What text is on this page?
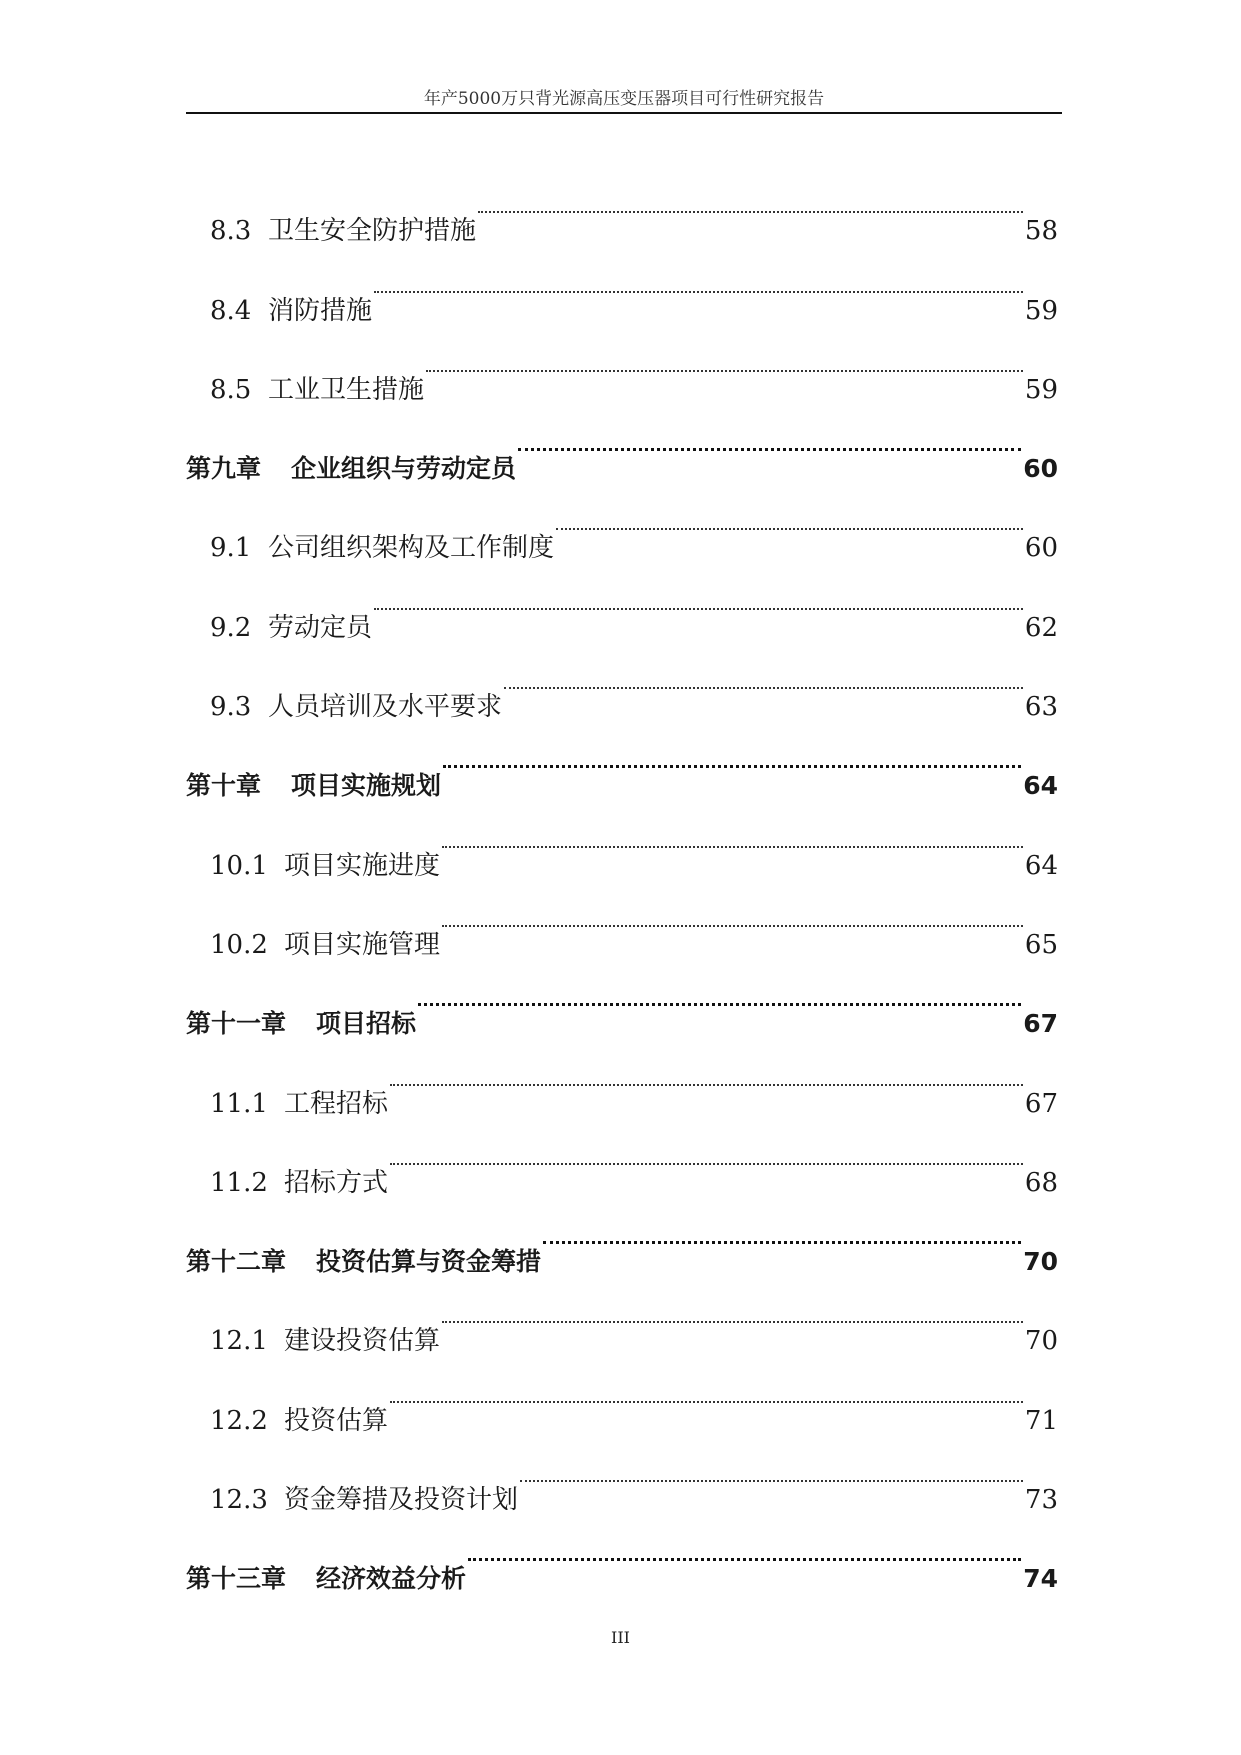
年产5000万只背光源高压变压器项目可行性研究报告
8.3 卫生安全防护措施	58
8.4 消防措施	59
8.5 工业卫生措施	59
第九章	企业组织与劳动定员	60
9.1 公司组织架构及工作制度	60
9.2 劳动定员	62
9.3 人员培训及水平要求	63
第十章	项目实施规划	64
10.1 项目实施进度	64
10.2 项目实施管理	65
第十一章	项目招标	67
11.1 工程招标	67
11.2 招标方式	68
第十二章	投资估算与资金筹措	70
12.1 建设投资估算	70
12.2 投资估算	71
12.3 资金筹措及投资计划	73
第十三章	经济效益分析	74
III
